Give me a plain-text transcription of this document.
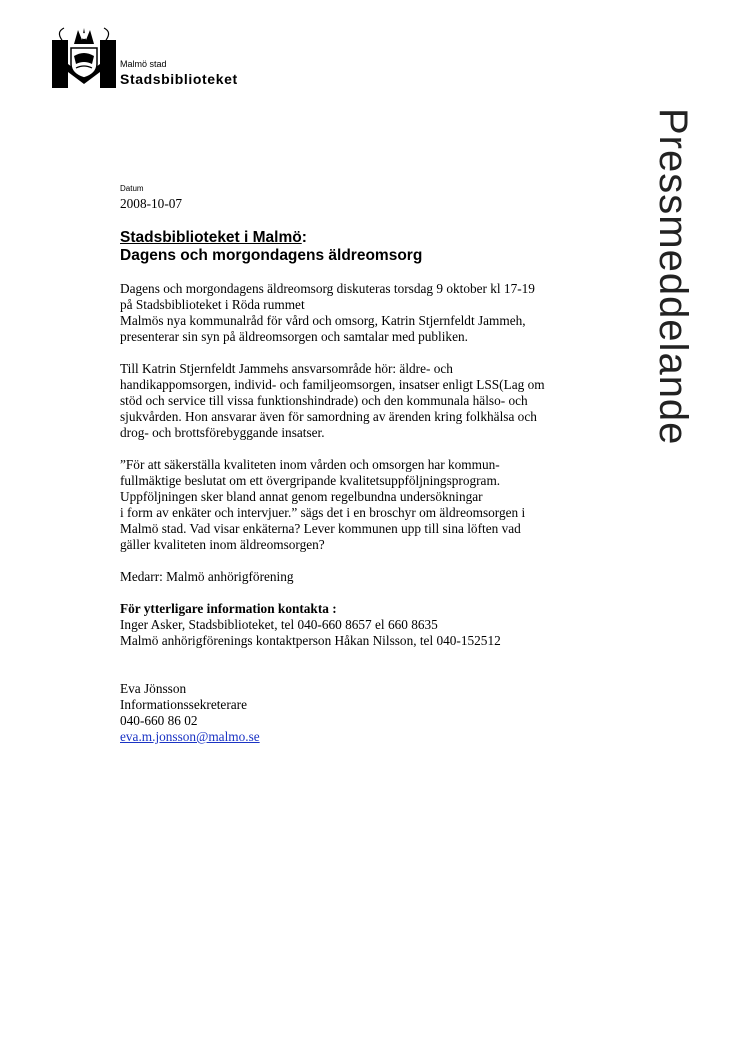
Malmö stad
Stadsbiblioteket
Pressmeddelande
Datum
2008-10-07
Stadsbiblioteket i Malmö:
Dagens och morgondagens äldreomsorg
Dagens och morgondagens äldreomsorg diskuteras torsdag 9 oktober kl 17-19
på Stadsbiblioteket i Röda rummet
Malmös nya kommunalråd för vård och omsorg, Katrin Stjernfeldt Jammeh,
presenterar sin syn på äldreomsorgen och samtalar med publiken.
Till Katrin Stjernfeldt Jammehs ansvarsområde hör: äldre- och
handikappomsorgen, individ- och familjeomsorgen, insatser enligt LSS(Lag om
stöd och service till vissa funktionshindrade) och den kommunala hälso- och
sjukvården. Hon ansvarar även för samordning av ärenden kring folkhälsa och
drog- och brottsförebyggande insatser.
”För att säkerställa kvaliteten inom vården och omsorgen har kommun-
fullmäktige beslutat om ett övergripande kvalitetsuppföljningsprogram.
Uppföljningen sker bland annat genom regelbundna undersökningar
i form av enkäter och intervjuer.” sägs det i en broschyr om äldreomsorgen i
Malmö stad. Vad visar enkäterna? Lever kommunen upp till sina löften vad
gäller kvaliteten inom äldreomsorgen?
Medarr: Malmö anhörigförening
För ytterligare information kontakta :
Inger Asker, Stadsbiblioteket, tel 040-660 8657 el 660 8635
Malmö anhörigförenings kontaktperson Håkan Nilsson, tel 040-152512
Eva Jönsson
Informationssekreterare
040-660 86 02
eva.m.jonsson@malmo.se
